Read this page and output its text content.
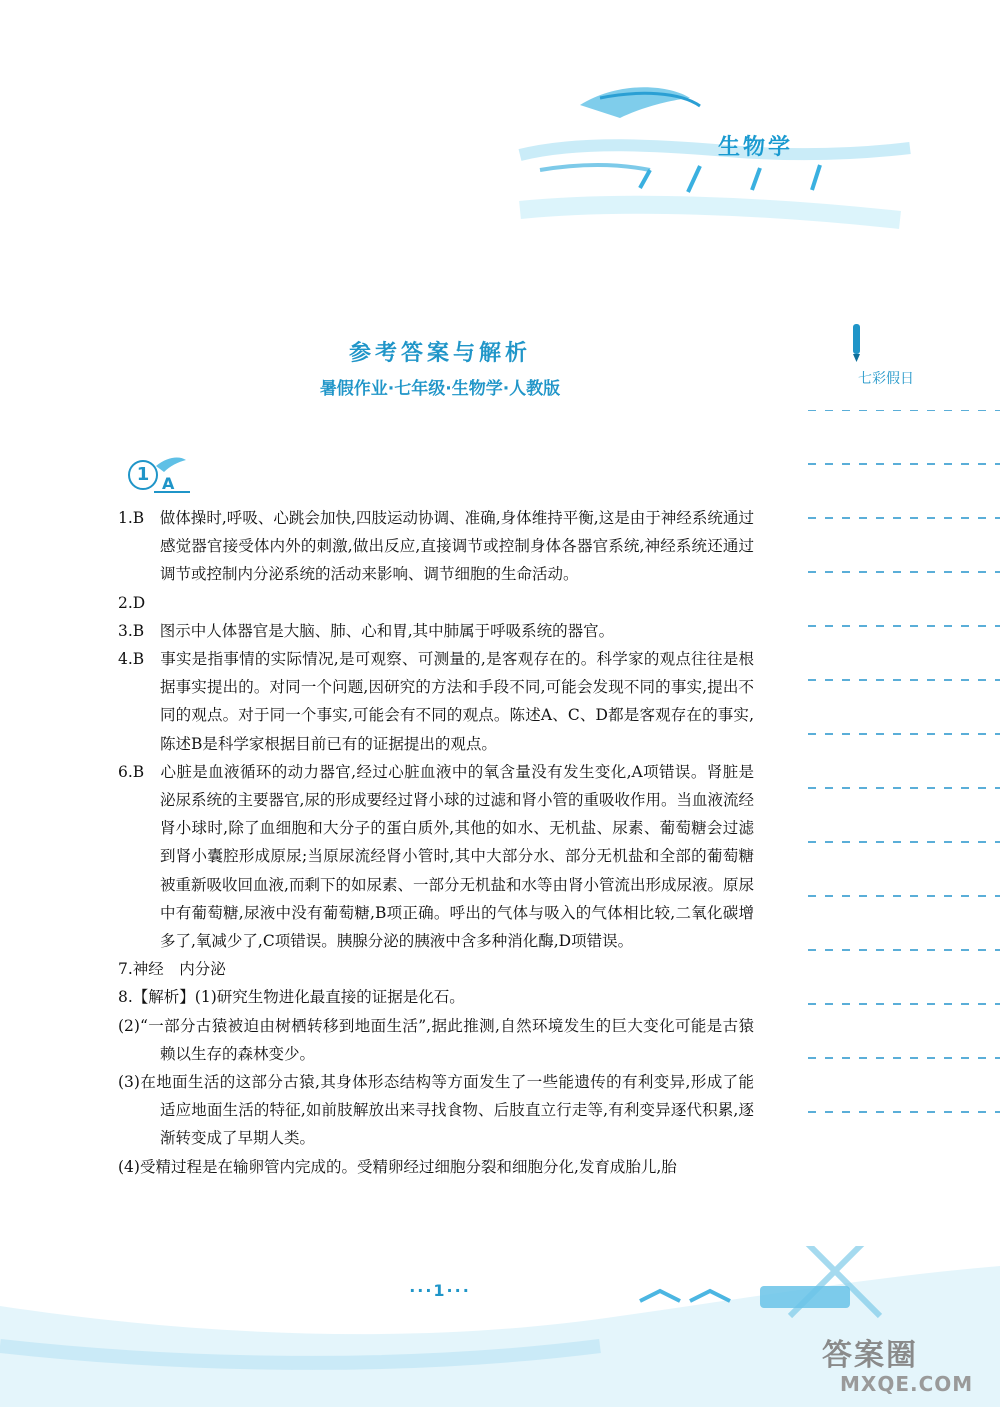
生物学
参考答案与解析
暑假作业·七年级·生物学·人教版	七彩假日
1 A

1.B　 做体操时,呼吸、心跳会加快,四肢运动协调、准确,身体维持平衡,这是由于神经系统通过感觉器官接受体内外的刺激,做出反应,直接调节或控制身体各器官系统,神经系统还通过调节或控制内分泌系统的活动来影响、调节细胞的生命活动。

2.D

3.B　 图示中人体器官是大脑、肺、心和胃,其中肺属于呼吸系统的器官。

4.B　 事实是指事情的实际情况,是可观察、可测量的,是客观存在的。科学家的观点往往是根据事实提出的。对同一个问题,因研究的方法和手段不同,可能会发现不同的事实,提出不同的观点。对于同一个事实,可能会有不同的观点。陈述A、C、D都是客观存在的事实,陈述B是科学家根据目前已有的证据提出的观点。

6.B　 心脏是血液循环的动力器官,经过心脏血液中的氧含量没有发生变化,A项错误。肾脏是泌尿系统的主要器官,尿的形成要经过肾小球的过滤和肾小管的重吸收作用。当血液流经肾小球时,除了血细胞和大分子的蛋白质外,其他的如水、无机盐、尿素、葡萄糖会过滤到肾小囊腔形成原尿;当原尿流经肾小管时,其中大部分水、部分无机盐和全部的葡萄糖被重新吸收回血液,而剩下的如尿素、一部分无机盐和水等由肾小管流出形成尿液。原尿中有葡萄糖,尿液中没有葡萄糖,B项正确。呼出的气体与吸入的气体相比较,二氧化碳增多了,氧减少了,C项错误。胰腺分泌的胰液中含多种消化酶,D项错误。

7.神经　内分泌

8.【解析】(1)研究生物进化最直接的证据是化石。

(2)“一部分古猿被迫由树栖转移到地面生活”,据此推测,自然环境发生的巨大变化可能是古猿赖以生存的森林变少。

(3)在地面生活的这部分古猿,其身体形态结构等方面发生了一些能遗传的有利变异,形成了能适应地面生活的特征,如前肢解放出来寻找食物、后肢直立行走等,有利变异逐代积累,逐渐转变成了早期人类。

(4)受精过程是在输卵管内完成的。受精卵经过细胞分裂和细胞分化,发育成胎儿,胎

···1···
答案圈
MXQE.COM
